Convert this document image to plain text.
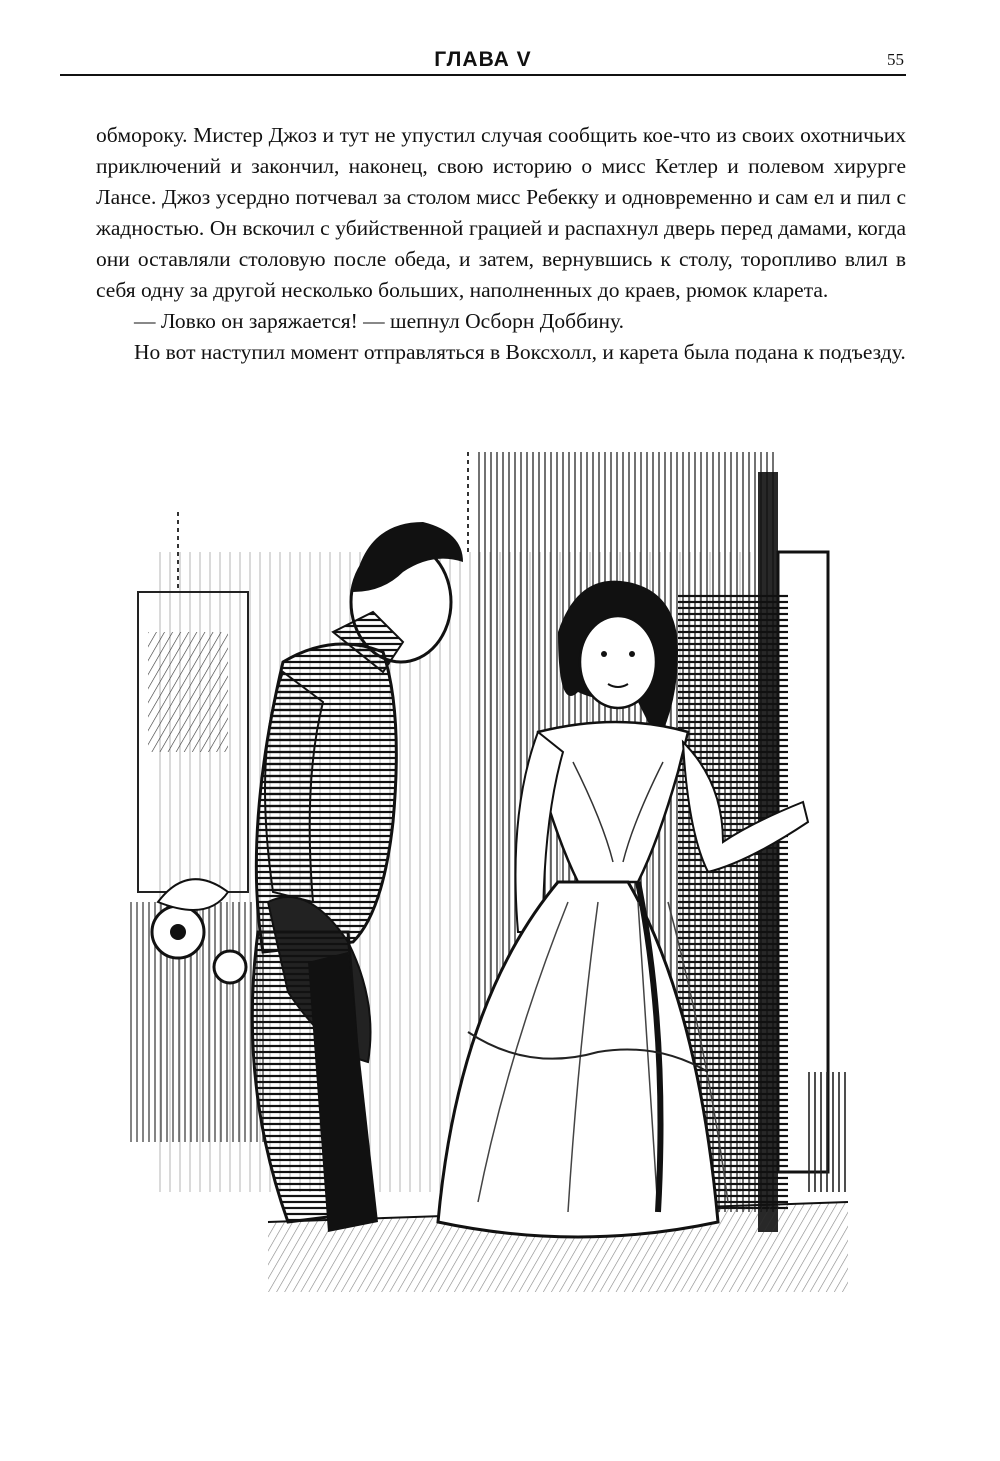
ГЛАВА V	55

обмороку. Мистер Джоз и тут не упустил случая сообщить кое-что из своих охотничьих приключений и закончил, наконец, свою историю о мисс Кетлер и полевом хирурге Лансе. Джоз усердно потчевал за столом мисс Ребекку и одновременно и сам ел и пил с жадностью. Он вскочил с убийственной грацией и распахнул дверь перед дамами, когда они оставляли столовую после обеда, и затем, вернувшись к столу, торопливо влил в себя одну за другой несколько больших, наполненных до краев, рюмок кларета.

— Ловко он заряжается! — шепнул Осборн Доббину.

Но вот наступил момент отправляться в Воксхолл, и карета была подана к подъезду.
